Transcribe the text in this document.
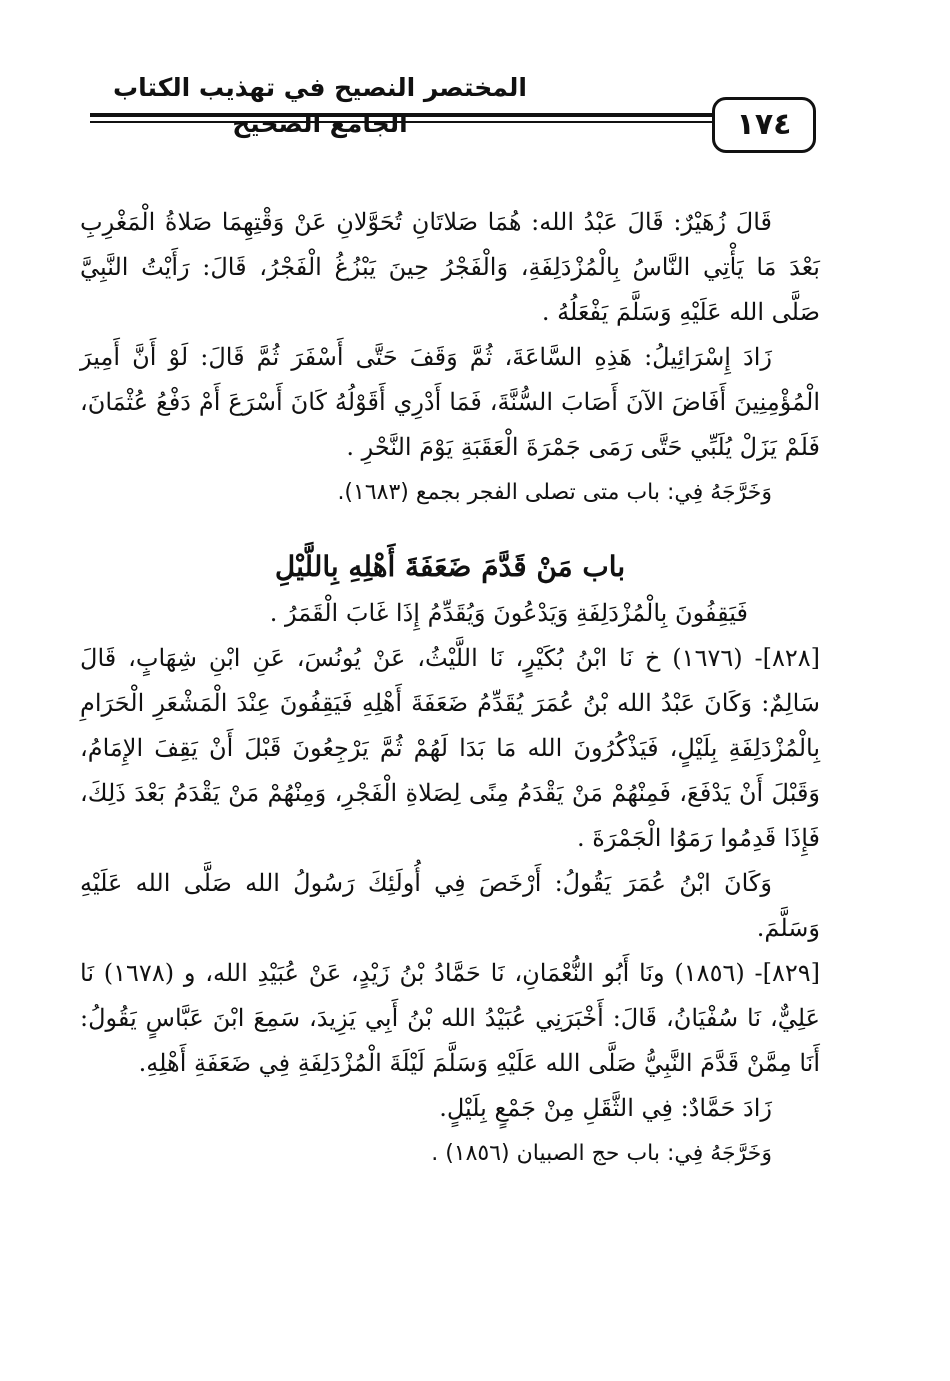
المختصر النصيح في تهذيب الكتاب الجامع الصحيح	١٧٤

قَالَ زُهَيْرٌ: قَالَ عَبْدُ الله: هُمَا صَلاتَانِ تُحَوَّلانِ عَنْ وَقْتِهِمَا صَلاةُ الْمَغْرِبِ بَعْدَ مَا يَأْتِي النَّاسُ بِالْمُزْدَلِفَةِ، وَالْفَجْرُ حِينَ يَبْزُغُ الْفَجْرُ، قَالَ: رَأَيْتُ النَّبِيَّ صَلَّى الله عَلَيْهِ وَسَلَّمَ يَفْعَلُهُ .

زَادَ إِسْرَائِيلُ: هَذِهِ السَّاعَةَ، ثُمَّ وَقَفَ حَتَّى أَسْفَرَ ثُمَّ قَالَ: لَوْ أَنَّ أَمِيرَ الْمُؤْمِنِينَ أَفَاضَ الآنَ أَصَابَ السُّنَّةَ، فَمَا أَدْرِي أَقَوْلُهُ كَانَ أَسْرَعَ أَمْ دَفْعُ عُثْمَانَ، فَلَمْ يَزَلْ يُلَبِّي حَتَّى رَمَى جَمْرَةَ الْعَقَبَةِ يَوْمَ النَّحْرِ .

وَخَرَّجَهُ فِي: باب متى تصلى الفجر بجمع (١٦٨٣).

باب مَنْ قَدَّمَ ضَعَفَةَ أَهْلِهِ بِاللَّيْلِ

فَيَقِفُونَ بِالْمُزْدَلِفَةِ وَيَدْعُونَ وَيُقَدِّمُ إِذَا غَابَ الْقَمَرُ .

[٨٢٨]- (١٦٧٦) خ نَا ابْنُ بُكَيْرٍ، نَا اللَّيْثُ، عَنْ يُونُسَ، عَنِ ابْنِ شِهَابٍ، قَالَ سَالِمٌ: وَكَانَ عَبْدُ الله بْنُ عُمَرَ يُقَدِّمُ ضَعَفَةَ أَهْلِهِ فَيَقِفُونَ عِنْدَ الْمَشْعَرِ الْحَرَامِ بِالْمُزْدَلِفَةِ بِلَيْلٍ، فَيَذْكُرُونَ الله مَا بَدَا لَهُمْ ثُمَّ يَرْجِعُونَ قَبْلَ أَنْ يَقِفَ الإِمَامُ، وَقَبْلَ أَنْ يَدْفَعَ، فَمِنْهُمْ مَنْ يَقْدَمُ مِنًى لِصَلاةِ الْفَجْرِ، وَمِنْهُمْ مَنْ يَقْدَمُ بَعْدَ ذَلِكَ، فَإِذَا قَدِمُوا رَمَوُا الْجَمْرَةَ .

وَكَانَ ابْنُ عُمَرَ يَقُولُ: أَرْخَصَ فِي أُولَئِكَ رَسُولُ الله صَلَّى الله عَلَيْهِ وَسَلَّمَ.

[٨٢٩]- (١٨٥٦) ونَا أَبُو النُّعْمَانِ، نَا حَمَّادُ بْنُ زَيْدٍ، عَنْ عُبَيْدِ الله، و (١٦٧٨) نَا عَلِيٌّ، نَا سُفْيَانُ، قَالَ: أَخْبَرَنِي عُبَيْدُ الله بْنُ أَبِي يَزِيدَ، سَمِعَ ابْنَ عَبَّاسٍ يَقُولُ: أَنَا مِمَّنْ قَدَّمَ النَّبِيُّ صَلَّى الله عَلَيْهِ وَسَلَّمَ لَيْلَةَ الْمُزْدَلِفَةِ فِي ضَعَفَةِ أَهْلِهِ.

زَادَ حَمَّادٌ: فِي الثَّقَلِ مِنْ جَمْعٍ بِلَيْلٍ.

وَخَرَّجَهُ فِي: باب حج الصبيان (١٨٥٦) .
